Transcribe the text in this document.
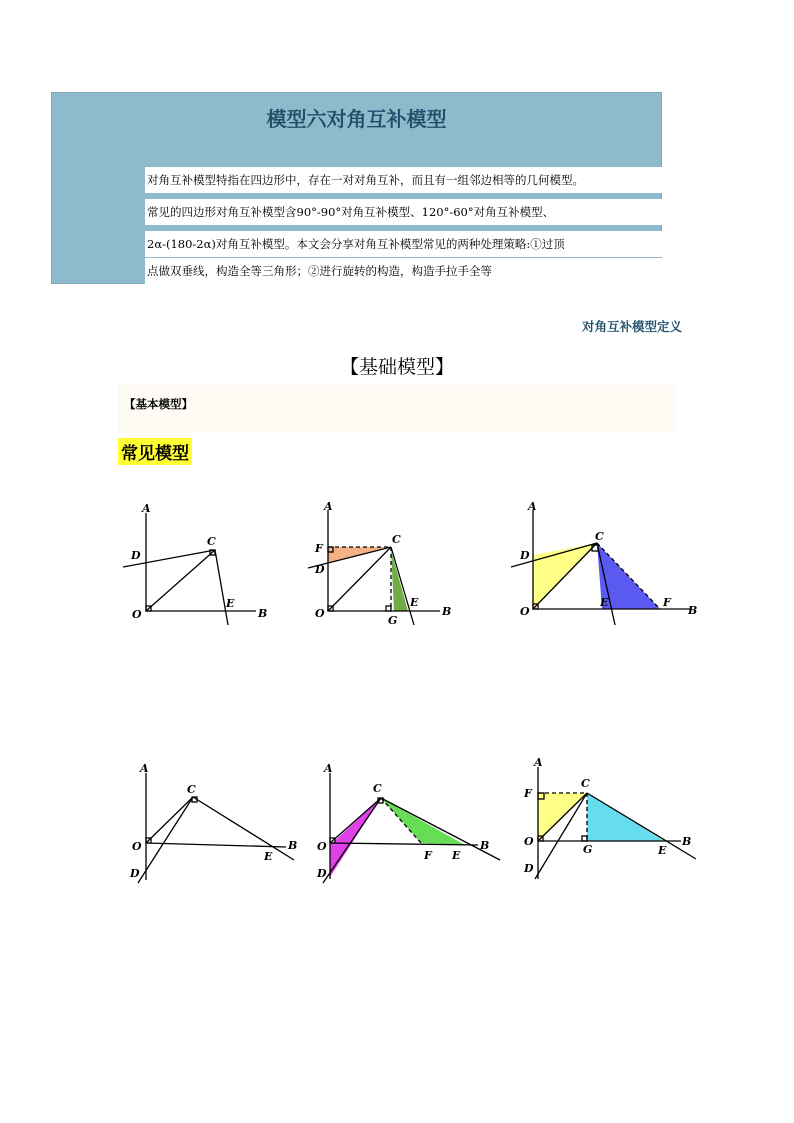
模型六对角互补模型
对角互补模型特指在四边形中，存在一对对角互补，而且有一组邻边相等的几何模型。
常见的四边形对角互补模型含90°-90°对角互补模型、120°-60°对角互补模型、
2α-(180-2α)对角互补模型。本文会分享对角互补模型常见的两种处理策略:①过顶
点做双垂线，构造全等三角形；②进行旋转的构造，构造手拉手全等
对角互补模型定义
【基础模型】
【基本模型】
常见模型
A
C
D
O
E
B
A
C
F
D
O
G
E
B
A
C
D
O
E	F
B
A
C
O
D
E
B
A
C
O
D
F E
B
A
C
F
O
G
D
E
B
